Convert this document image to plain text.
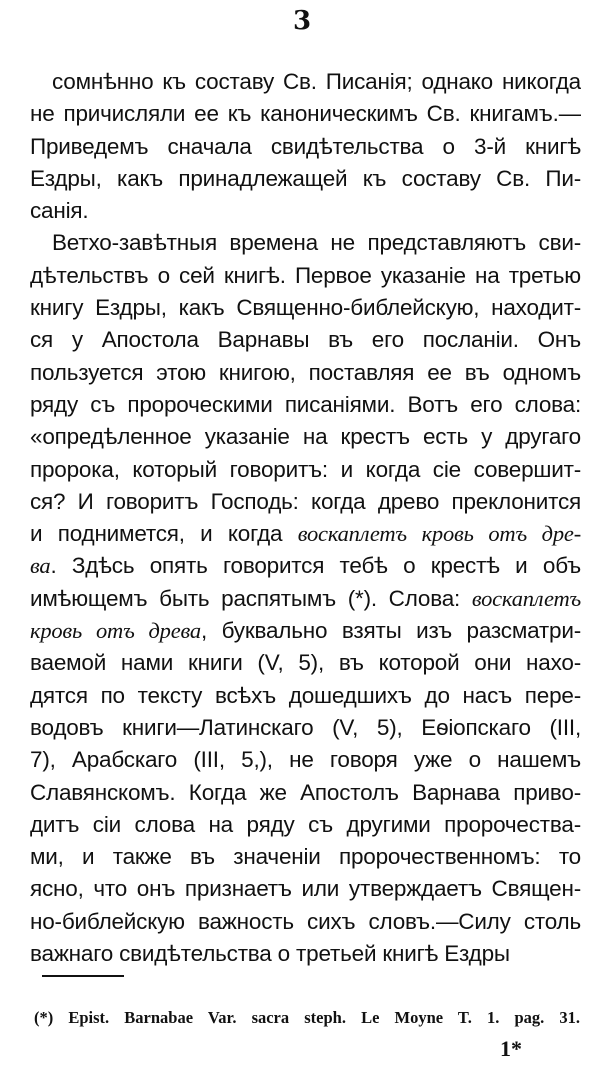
3
сомнѣнно къ составу Св. Писанія; однако никогда
не причисляли ее къ каноническимъ Св. книгамъ.—
Приведемъ сначала свидѣтельства о 3-й книгѣ
Ездры, какъ принадлежащей къ составу Св. Пи-
санія.
Ветхо-завѣтныя времена не представляютъ сви-
дѣтельствъ о сей книгѣ. Первое указаніе на третью
книгу Ездры, какъ Священно-библейскую, находит-
ся у Апостола Варнавы въ его посланіи. Онъ
пользуется этою книгою, поставляя ее въ одномъ
ряду съ пророческими писаніями. Вотъ его слова:
«опредѣленное указаніе на крестъ есть у другаго
пророка, который говоритъ: и когда сіе совершит-
ся? И говоритъ Господь: когда древо преклонится
и поднимется, и когда воскаплетъ кровь отъ дре-
ва. Здѣсь опять говорится тебѣ о крестѣ и объ
имѣющемъ быть распятымъ (*). Слова: воскаплетъ
кровь отъ древа, буквально взяты изъ разсматри-
ваемой нами книги (V, 5), въ которой они нахо-
дятся по тексту всѣхъ дошедшихъ до насъ пере-
водовъ книги—Латинскаго (V, 5), Еѳіопскаго (III,
7), Арабскаго (III, 5,), не говоря уже о нашемъ
Славянскомъ. Когда же Апостолъ Варнава приво-
дитъ сіи слова на ряду съ другими пророчества-
ми, и также въ значеніи пророчественномъ: то
ясно, что онъ признаетъ или утверждаетъ Священ-
но-библейскую важность сихъ словъ.—Силу столь
важнаго свидѣтельства о третьей книгѣ Ездры
(*) Epist. Barnabae Var. sacra steph. Le Moyne T. 1. pag. 31.
1*
